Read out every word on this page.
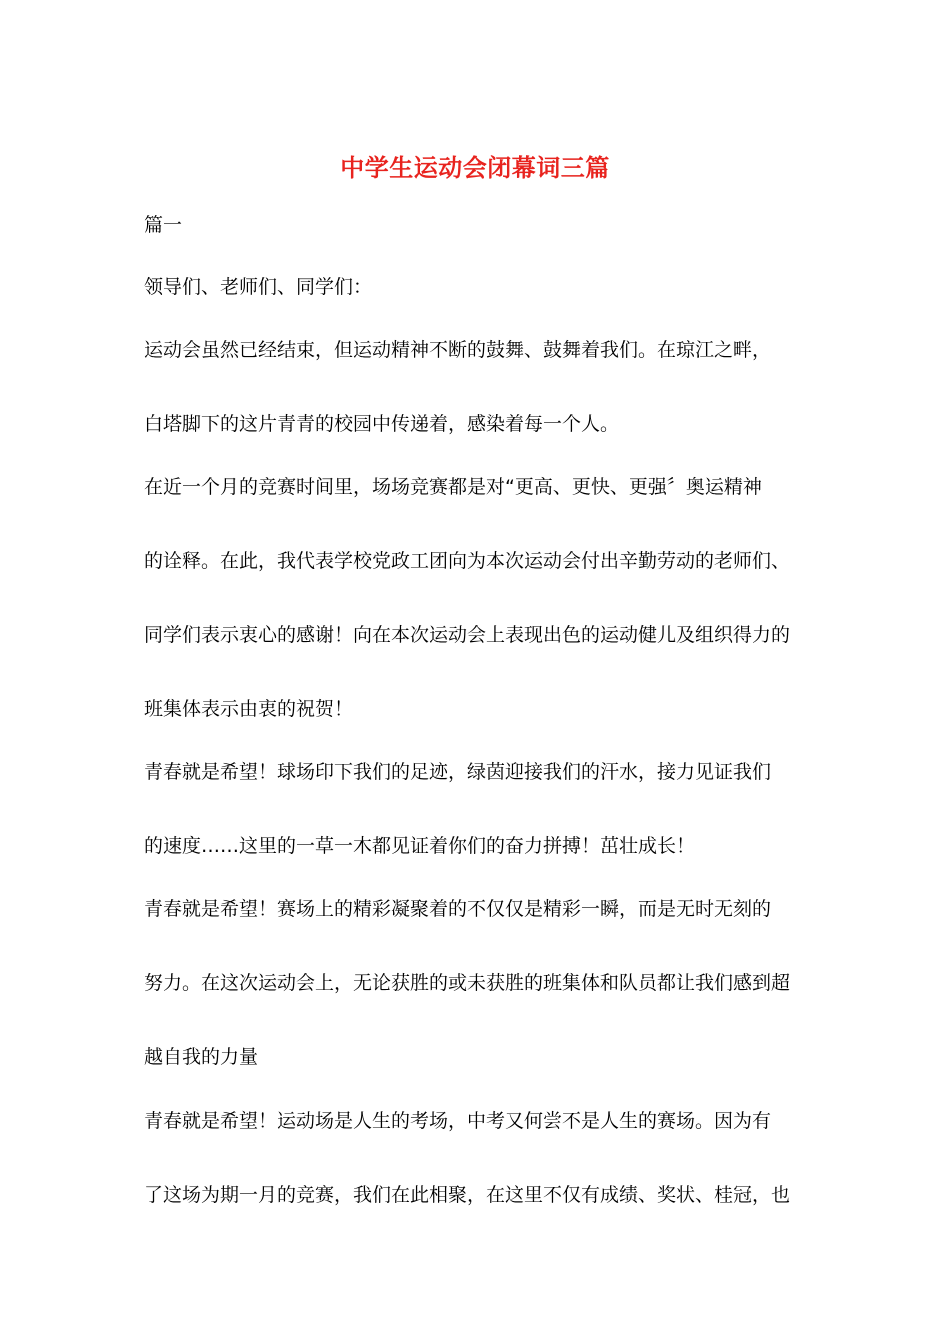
中学生运动会闭幕词三篇
篇一
领导们、老师们、同学们：
运动会虽然已经结束，但运动精神不断的鼓舞、鼓舞着我们。在琼江之畔，
白塔脚下的这片青青的校园中传递着，感染着每一个人。
在近一个月的竞赛时间里，场场竞赛都是对“更高、更快、更强〞奥运精神
的诠释。在此，我代表学校党政工团向为本次运动会付出辛勤劳动的老师们、
同学们表示衷心的感谢！向在本次运动会上表现出色的运动健儿及组织得力的
班集体表示由衷的祝贺！
青春就是希望！球场印下我们的足迹，绿茵迎接我们的汗水，接力见证我们
的速度……这里的一草一木都见证着你们的奋力拼搏！茁壮成长！
青春就是希望！赛场上的精彩凝聚着的不仅仅是精彩一瞬，而是无时无刻的
努力。在这次运动会上，无论获胜的或未获胜的班集体和队员都让我们感到超
越自我的力量
青春就是希望！运动场是人生的考场，中考又何尝不是人生的赛场。因为有
了这场为期一月的竞赛，我们在此相聚，在这里不仅有成绩、奖状、桂冠，也
